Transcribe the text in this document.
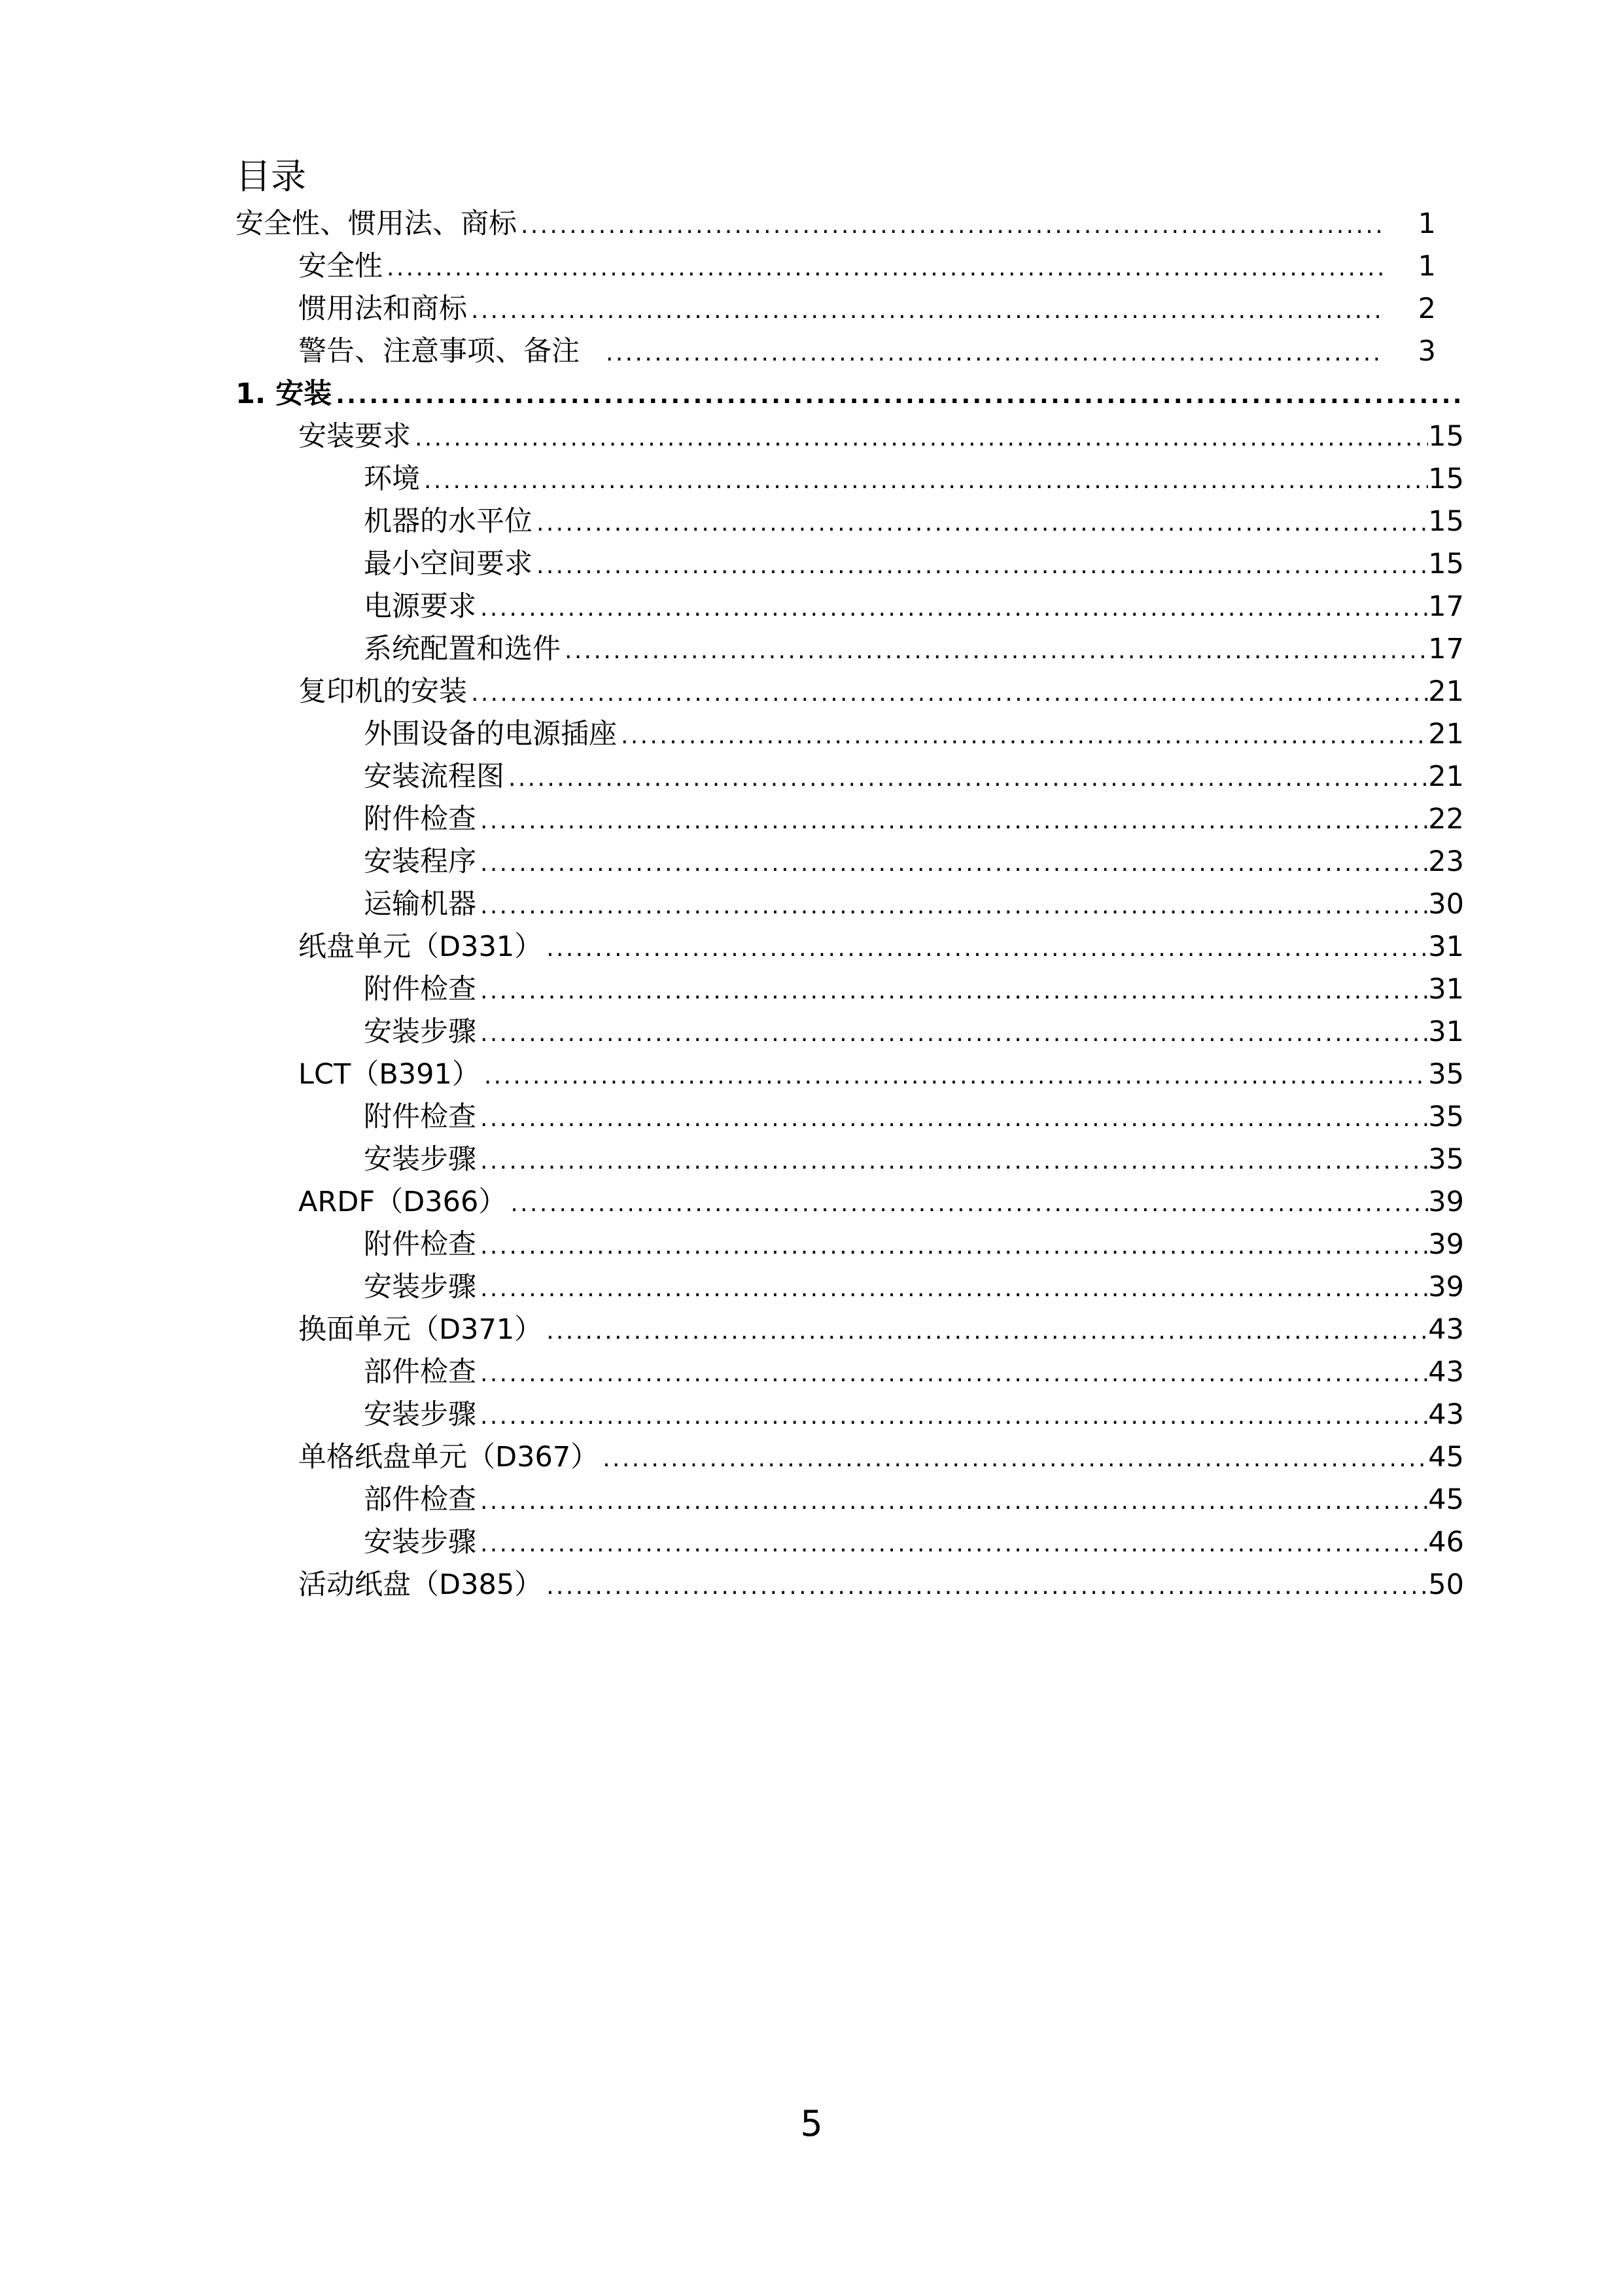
目录
安全性、惯用法、商标 .....	1
安全性 .....	1
惯用法和商标 .....	2
警告、注意事项、备注 .....	3
1. 安装
.....
安装要求 .....	15
环境 .....	15
机器的水平位 .....	15
最小空间要求 .....	15
电源要求 .....	17
系统配置和选件 .....	17
复印机的安装 .....	21
外围设备的电源插座 .....	21
安装流程图 .....	21
附件检查 .....	22
安装程序 .....	23
运输机器 .....	30
纸盘单元（D331） .....	31
附件检查 .....	31
安装步骤 .....	31
LCT（B391） .....	35
附件检查 .....	35
安装步骤 .....	35
ARDF（D366） .....	39
附件检查 .....	39
安装步骤 .....	39
换面单元（D371） .....	43
部件检查 .....	43
安装步骤 .....	43
单格纸盘单元（D367） .....	45
部件检查 .....	45
安装步骤 .....	46
活动纸盘（D385） .....	50
5
